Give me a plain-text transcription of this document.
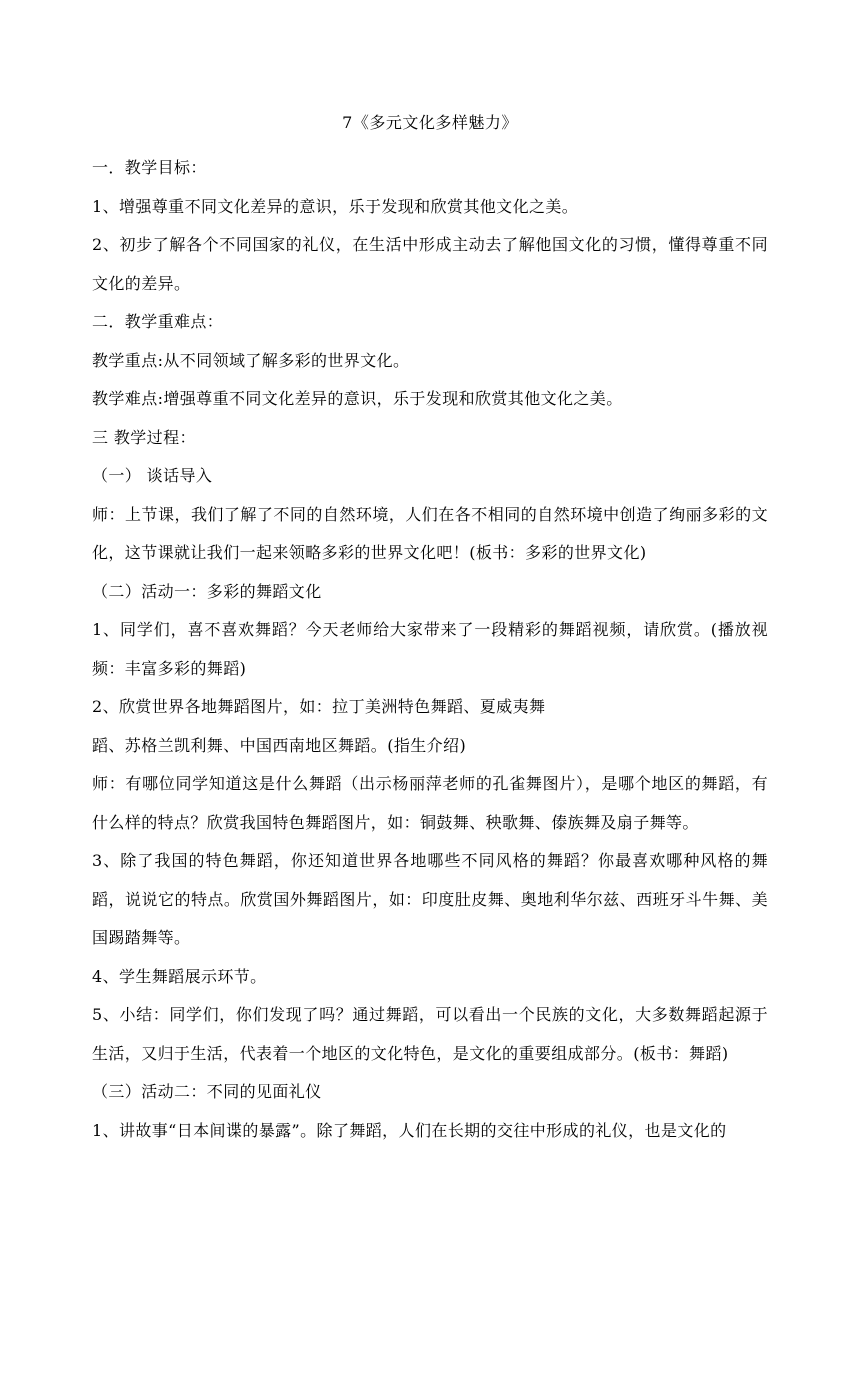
7《多元文化多样魅力》

一．教学目标：

1、增强尊重不同文化差异的意识，乐于发现和欣赏其他文化之美。

2、初步了解各个不同国家的礼仪，在生活中形成主动去了解他国文化的习惯，懂得尊重不同文化的差异。

二．教学重难点：

教学重点:从不同领域了解多彩的世界文化。

教学难点:增强尊重不同文化差异的意识，乐于发现和欣赏其他文化之美。

三 教学过程：

（一） 谈话导入

师：上节课，我们了解了不同的自然环境，人们在各不相同的自然环境中创造了绚丽多彩的文化，这节课就让我们一起来领略多彩的世界文化吧！(板书：多彩的世界文化)

（二）活动一：多彩的舞蹈文化

1、同学们，喜不喜欢舞蹈？今天老师给大家带来了一段精彩的舞蹈视频，请欣赏。(播放视频：丰富多彩的舞蹈)

2、欣赏世界各地舞蹈图片，如：拉丁美洲特色舞蹈、夏威夷舞

蹈、苏格兰凯利舞、中国西南地区舞蹈。(指生介绍)

师：有哪位同学知道这是什么舞蹈（出示杨丽萍老师的孔雀舞图片），是哪个地区的舞蹈，有什么样的特点？欣赏我国特色舞蹈图片，如：铜鼓舞、秧歌舞、傣族舞及扇子舞等。

3、除了我国的特色舞蹈，你还知道世界各地哪些不同风格的舞蹈？你最喜欢哪种风格的舞蹈，说说它的特点。欣赏国外舞蹈图片，如：印度肚皮舞、奥地利华尔兹、西班牙斗牛舞、美国踢踏舞等。

4、学生舞蹈展示环节。

5、小结：同学们，你们发现了吗？通过舞蹈，可以看出一个民族的文化，大多数舞蹈起源于生活，又归于生活，代表着一个地区的文化特色，是文化的重要组成部分。(板书：舞蹈)

（三）活动二：不同的见面礼仪

1、讲故事“日本间谍的暴露”。除了舞蹈，人们在长期的交往中形成的礼仪，也是文化的
